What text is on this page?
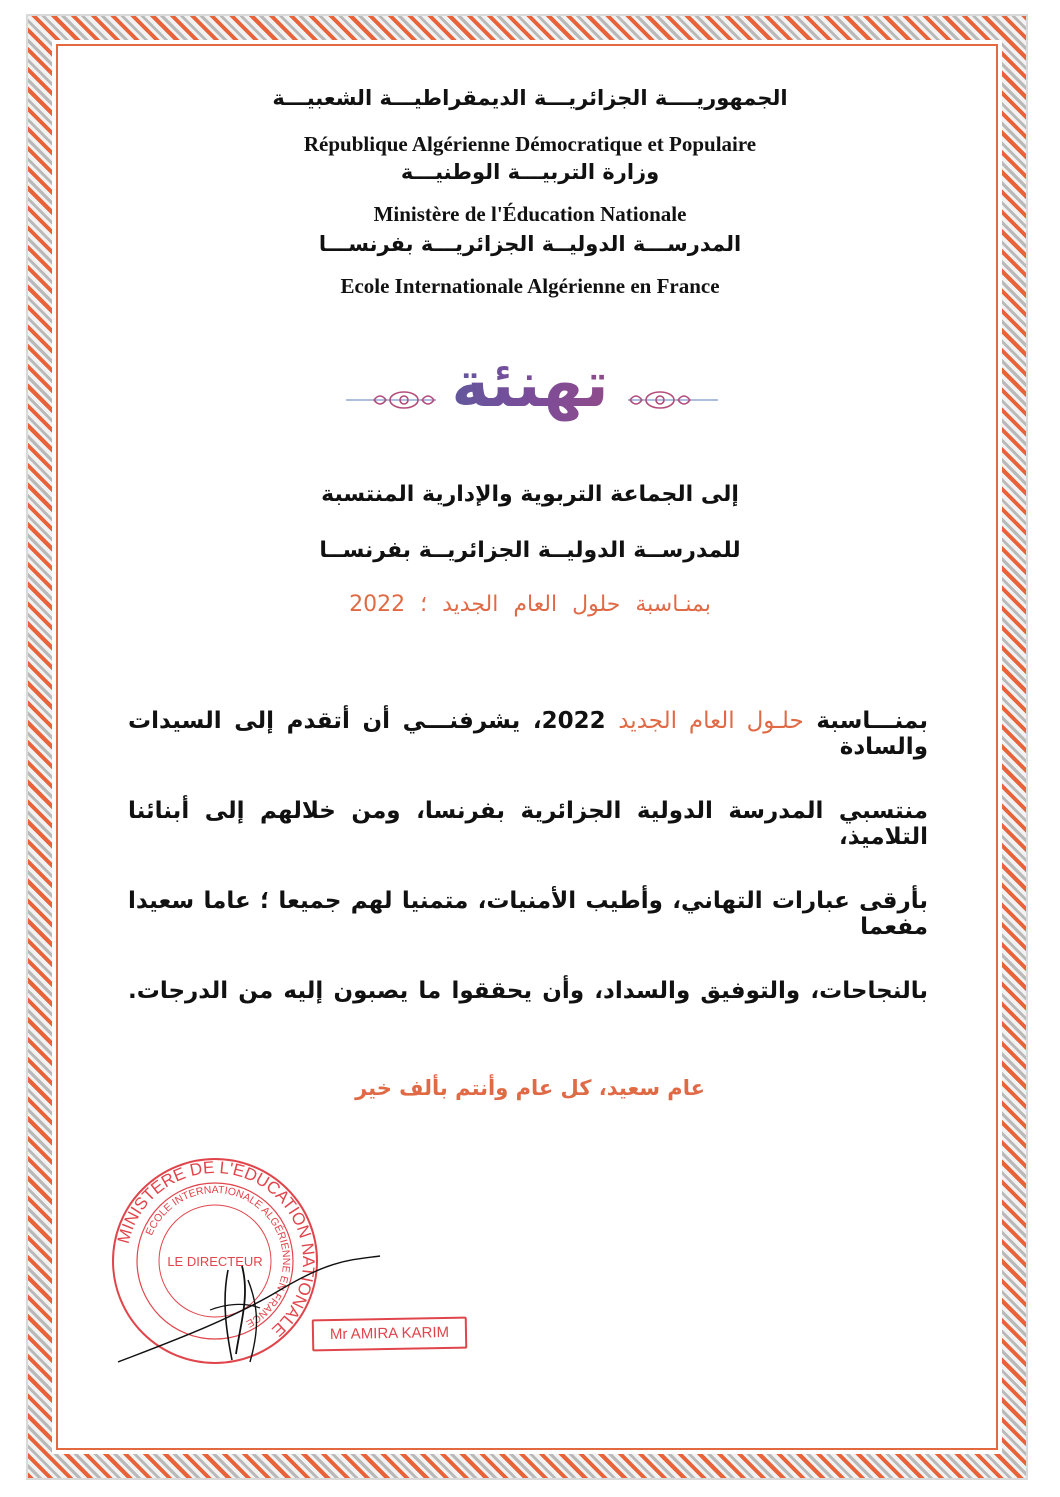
الجمهوريــــة الجزائريـــة الديمقراطيـــة الشعبيـــة
République Algérienne Démocratique et Populaire
وزارة التربيـــة الوطنيـــة
Ministère de l'Éducation Nationale
المدرســـة الدوليــة الجزائريـــة بفرنســـا
Ecole Internationale Algérienne en France
تهنئة
إلى الجماعة التربوية والإدارية المنتسبة
للمدرســة الدوليــة الجزائريــة بفرنســا
بمنـاسبة حلول العام الجديد ؛ 2022
بمنـــاسبة حلـول العام الجديد 2022، يشرفنـــي أن أتقدم إلى السيدات والسادة
منتسبي المدرسة الدولية الجزائرية بفرنسا، ومن خلالهم إلى أبنائنا التلاميذ،
بأرقى عبارات التهاني، وأطيب الأمنيات، متمنيا لهم جميعا ؛ عاما سعيدا مفعما
بالنجاحات، والتوفيق والسداد، وأن يحققوا ما يصبون إليه من الدرجات.
عام سعيد، كل عام وأنتم بألف خير
MINISTÈRE DE L'ÉDUCATION NATIONALE
ECOLE INTERNATIONALE ALGÉRIENNE EN FRANCE
LE DIRECTEUR
Mr AMIRA KARIM
